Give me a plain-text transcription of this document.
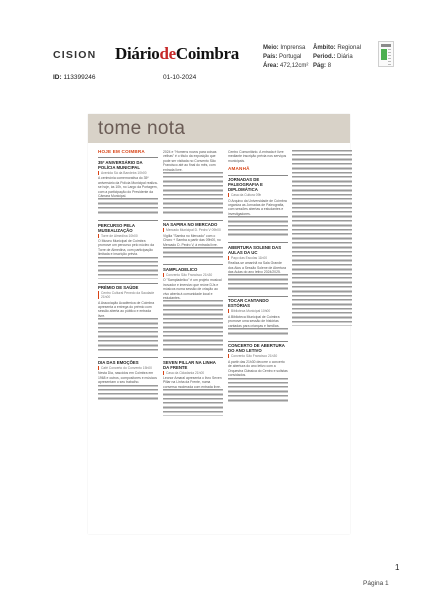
CISION DiáriodeCoimbra	Meio: Imprensa
País: Portugal
Área: 472,12cm²
Âmbito: Regional
Period.: Diária
Pág: 8
ID: 113399246	01-10-2024
tome nota
HOJE EM COIMBRA
35º ANIVERSÁRIO DA POLÍCIA MUNICIPAL
Avenida Sá da Bandeira 10h00
A cerimónia comemorativa do 35º aniversário da Polícia Municipal realiza-se hoje, às 10h, no Largo da Portagem, com a participação do Presidente da Câmara Municipal.
PERCURSO PELA MUSEALIZAÇÃO
Torre de Almedina 10h00
O Museu Municipal de Coimbra promove um percurso pelo núcleo da Torre de Almedina, com participação limitada e inscrição prévia.
PRÉMIO DE SAÚDE
Centro Cultural Penedo da Saudade 21h00
A Associação Académica de Coimbra apresenta a entrega do prémio com sessão aberta ao público e entrada livre.
DIA DAS EMOÇÕES
Café Concerto do Convento 15h00
Nesta Dia, nascidos em Coimbra em 1968 e outros, compositores e músicos apresentam o seu trabalho.
2024 e "Homens novos para coisas velhas" é o título da exposição que pode ser visitada no Convento São Francisco até ao final do mês, com entrada livre.
NA SAPIRA NO MERCADO
Mercado Municipal D. Pedro V 09h00
Vigília "Samba no Mercado" com o Choro + Samba a partir das 09h00, no Mercado D. Pedro V, à entrada livre.
SAMPLADELICO
Convento São Francisco 21h30
O "Sampladelico" é um projeto musical inovador e imersivo que reúne DJs e músicos numa sessão de criação ao vivo aberta à comunidade local e estudantes.
SEVEN PILLAR NA LINHA DA FRENTE
Casa da Cidadania 21h00
Leonor Amaral apresenta o livro Seven Pillar na Linha da Frente, numa conversa moderada com entrada livre.
Centro Comunitário. A entrada é livre mediante inscrição prévia nos serviços municipais.
AMANHÃ
JORNADAS DE PALEOGRAFIA E DIPLOMÁTICA
Casa da Cultura 09h
O Arquivo da Universidade de Coimbra organiza as Jornadas de Paleografia, com sessões abertas a estudantes e investigadores.
ABERTURA SOLENE DAS AULAS DA UC
Paço das Escolas 11h00
Realiza-se amanhã na Sala Grande dos Atos a Sessão Solene de Abertura das Aulas do ano letivo 2024/2025.
TOCAR CANTANDO ESTÓRIAS
Biblioteca Municipal 10h00
A Biblioteca Municipal de Coimbra promove uma sessão de histórias cantadas para crianças e famílias.
CONCERTO DE ABERTURA DO ANO LETIVO
Convento São Francisco 21h30
A partir das 21h30 decorre o concerto de abertura do ano letivo com a Orquestra Clássica do Centro e solistas convidados.
1
Página 1
